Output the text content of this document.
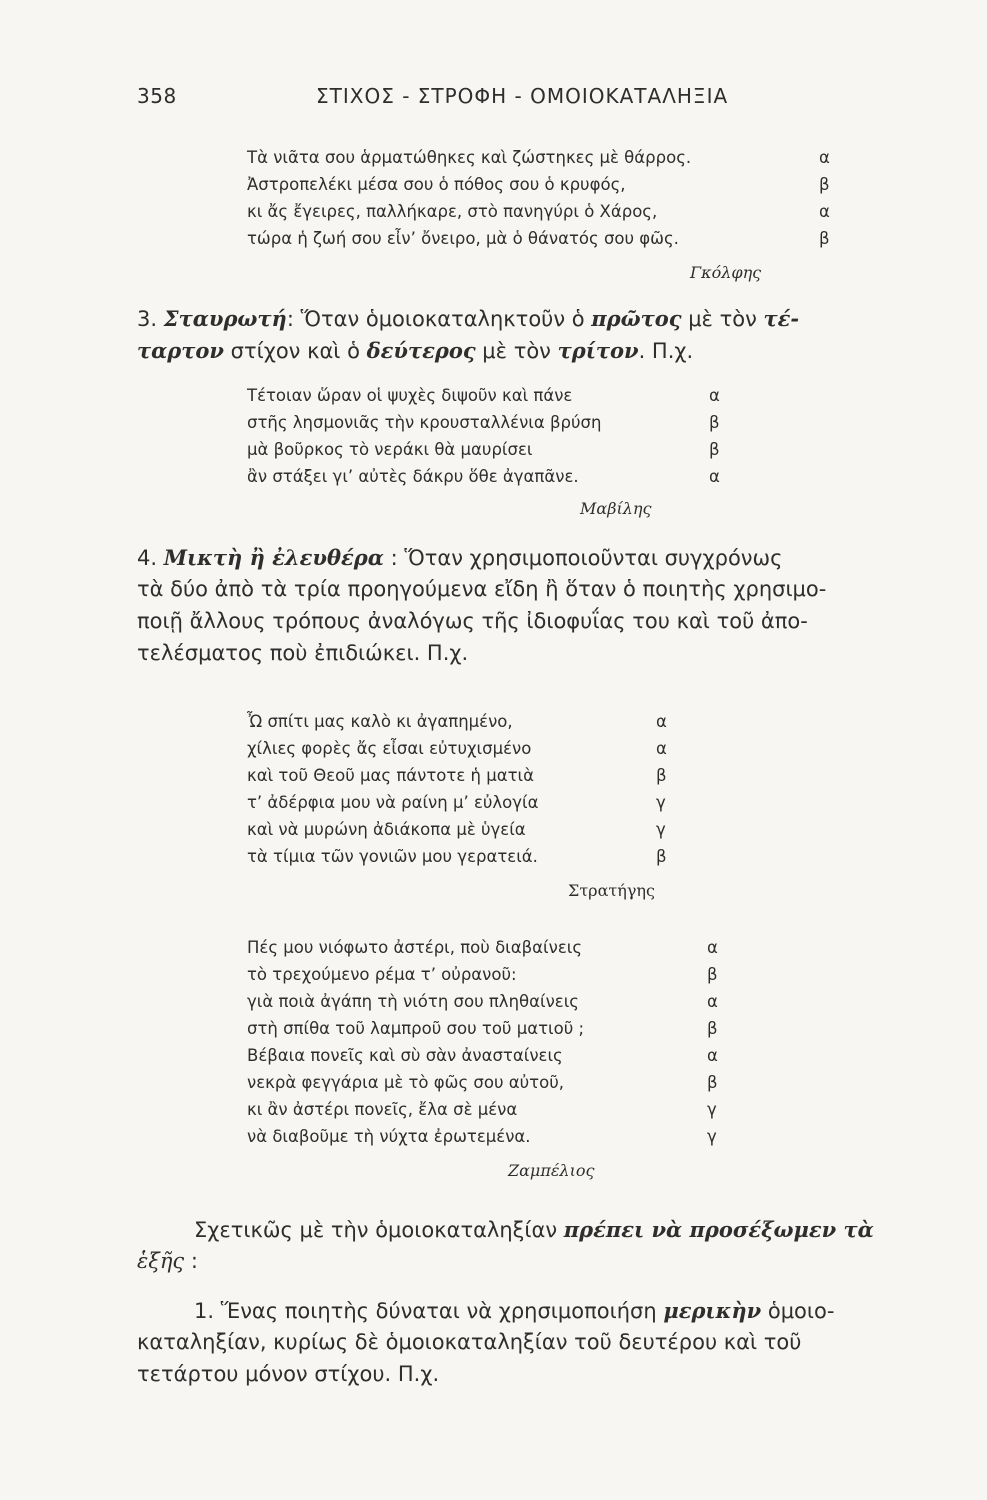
358	ΣΤΙΧΟΣ - ΣΤΡΟΦΗ - ΟΜΟΙΟΚΑΤΑΛΗΞΙΑ
Τὰ νιᾶτα σου ἁρματώθηκες καὶ ζώστηκες μὲ θάρρος.	α
Ἀστροπελέκι μέσα σου ὁ πόθος σου ὁ κρυφός,	β
κι ἄς ἔγειρες, παλλήκαρε, στὸ πανηγύρι ὁ Χάρος,	α
τώρα ἡ ζωή σου εἶν’ ὄνειρο, μὰ ὁ θάνατός σου φῶς.	β
Γκόλφης
3. Σταυρωτή: Ὅταν ὁμοιοκαταληκτοῦν ὁ πρῶτος μὲ τὸν τέ-
ταρτον στίχον καὶ ὁ δεύτερος μὲ τὸν τρίτον. Π.χ.
Τέτοιαν ὥραν οἱ ψυχὲς διψοῦν καὶ πάνε	α
στῆς λησμονιᾶς τὴν κρουσταλλένια βρύση	β
μὰ βοῦρκος τὸ νεράκι θὰ μαυρίσει	β
ἂν στάξει γι’ αὐτὲς δάκρυ ὅθε ἀγαπᾶνε.	α
Μαβίλης
4. Μικτὴ ἢ ἐλευθέρα : Ὅταν χρησιμοποιοῦνται συγχρόνως
τὰ δύο ἀπὸ τὰ τρία προηγούμενα εἴδη ἢ ὅταν ὁ ποιητὴς χρησιμο-
ποιῇ ἄλλους τρόπους ἀναλόγως τῆς ἰδιοφυΐας του καὶ τοῦ ἀπο-
τελέσματος ποὺ ἐπιδιώκει. Π.χ.
Ὦ σπίτι μας καλὸ κι ἀγαπημένο,	α
χίλιες φορὲς ἄς εἶσαι εὐτυχισμένο	α
καὶ τοῦ Θεοῦ μας πάντοτε ἡ ματιὰ	β
τ’ ἀδέρφια μου νὰ ραίνη μ’ εὐλογία	γ
καὶ νὰ μυρώνη ἀδιάκοπα μὲ ὑγεία	γ
τὰ τίμια τῶν γονιῶν μου γερατειά.	β
Στρατήγης
Πές μου νιόφωτο ἀστέρι, ποὺ διαβαίνεις	α
τὸ τρεχούμενο ρέμα τ’ οὐρανοῦ:	β
γιὰ ποιὰ ἀγάπη τὴ νιότη σου πληθαίνεις	α
στὴ σπίθα τοῦ λαμπροῦ σου τοῦ ματιοῦ ;	β
Βέβαια πονεῖς καὶ σὺ σὰν ἀνασταίνεις	α
νεκρὰ φεγγάρια μὲ τὸ φῶς σου αὐτοῦ,	β
κι ἂν ἀστέρι πονεῖς, ἔλα σὲ μένα	γ
νὰ διαβοῦμε τὴ νύχτα ἐρωτεμένα.	γ
Ζαμπέλιος
Σχετικῶς μὲ τὴν ὁμοιοκαταληξίαν πρέπει νὰ προσέξωμεν τὰ
ἑξῆς :
1. Ἕνας ποιητὴς δύναται νὰ χρησιμοποιήση μερικὴν ὁμοιο-
καταληξίαν, κυρίως δὲ ὁμοιοκαταληξίαν τοῦ δευτέρου καὶ τοῦ
τετάρτου μόνον στίχου. Π.χ.
